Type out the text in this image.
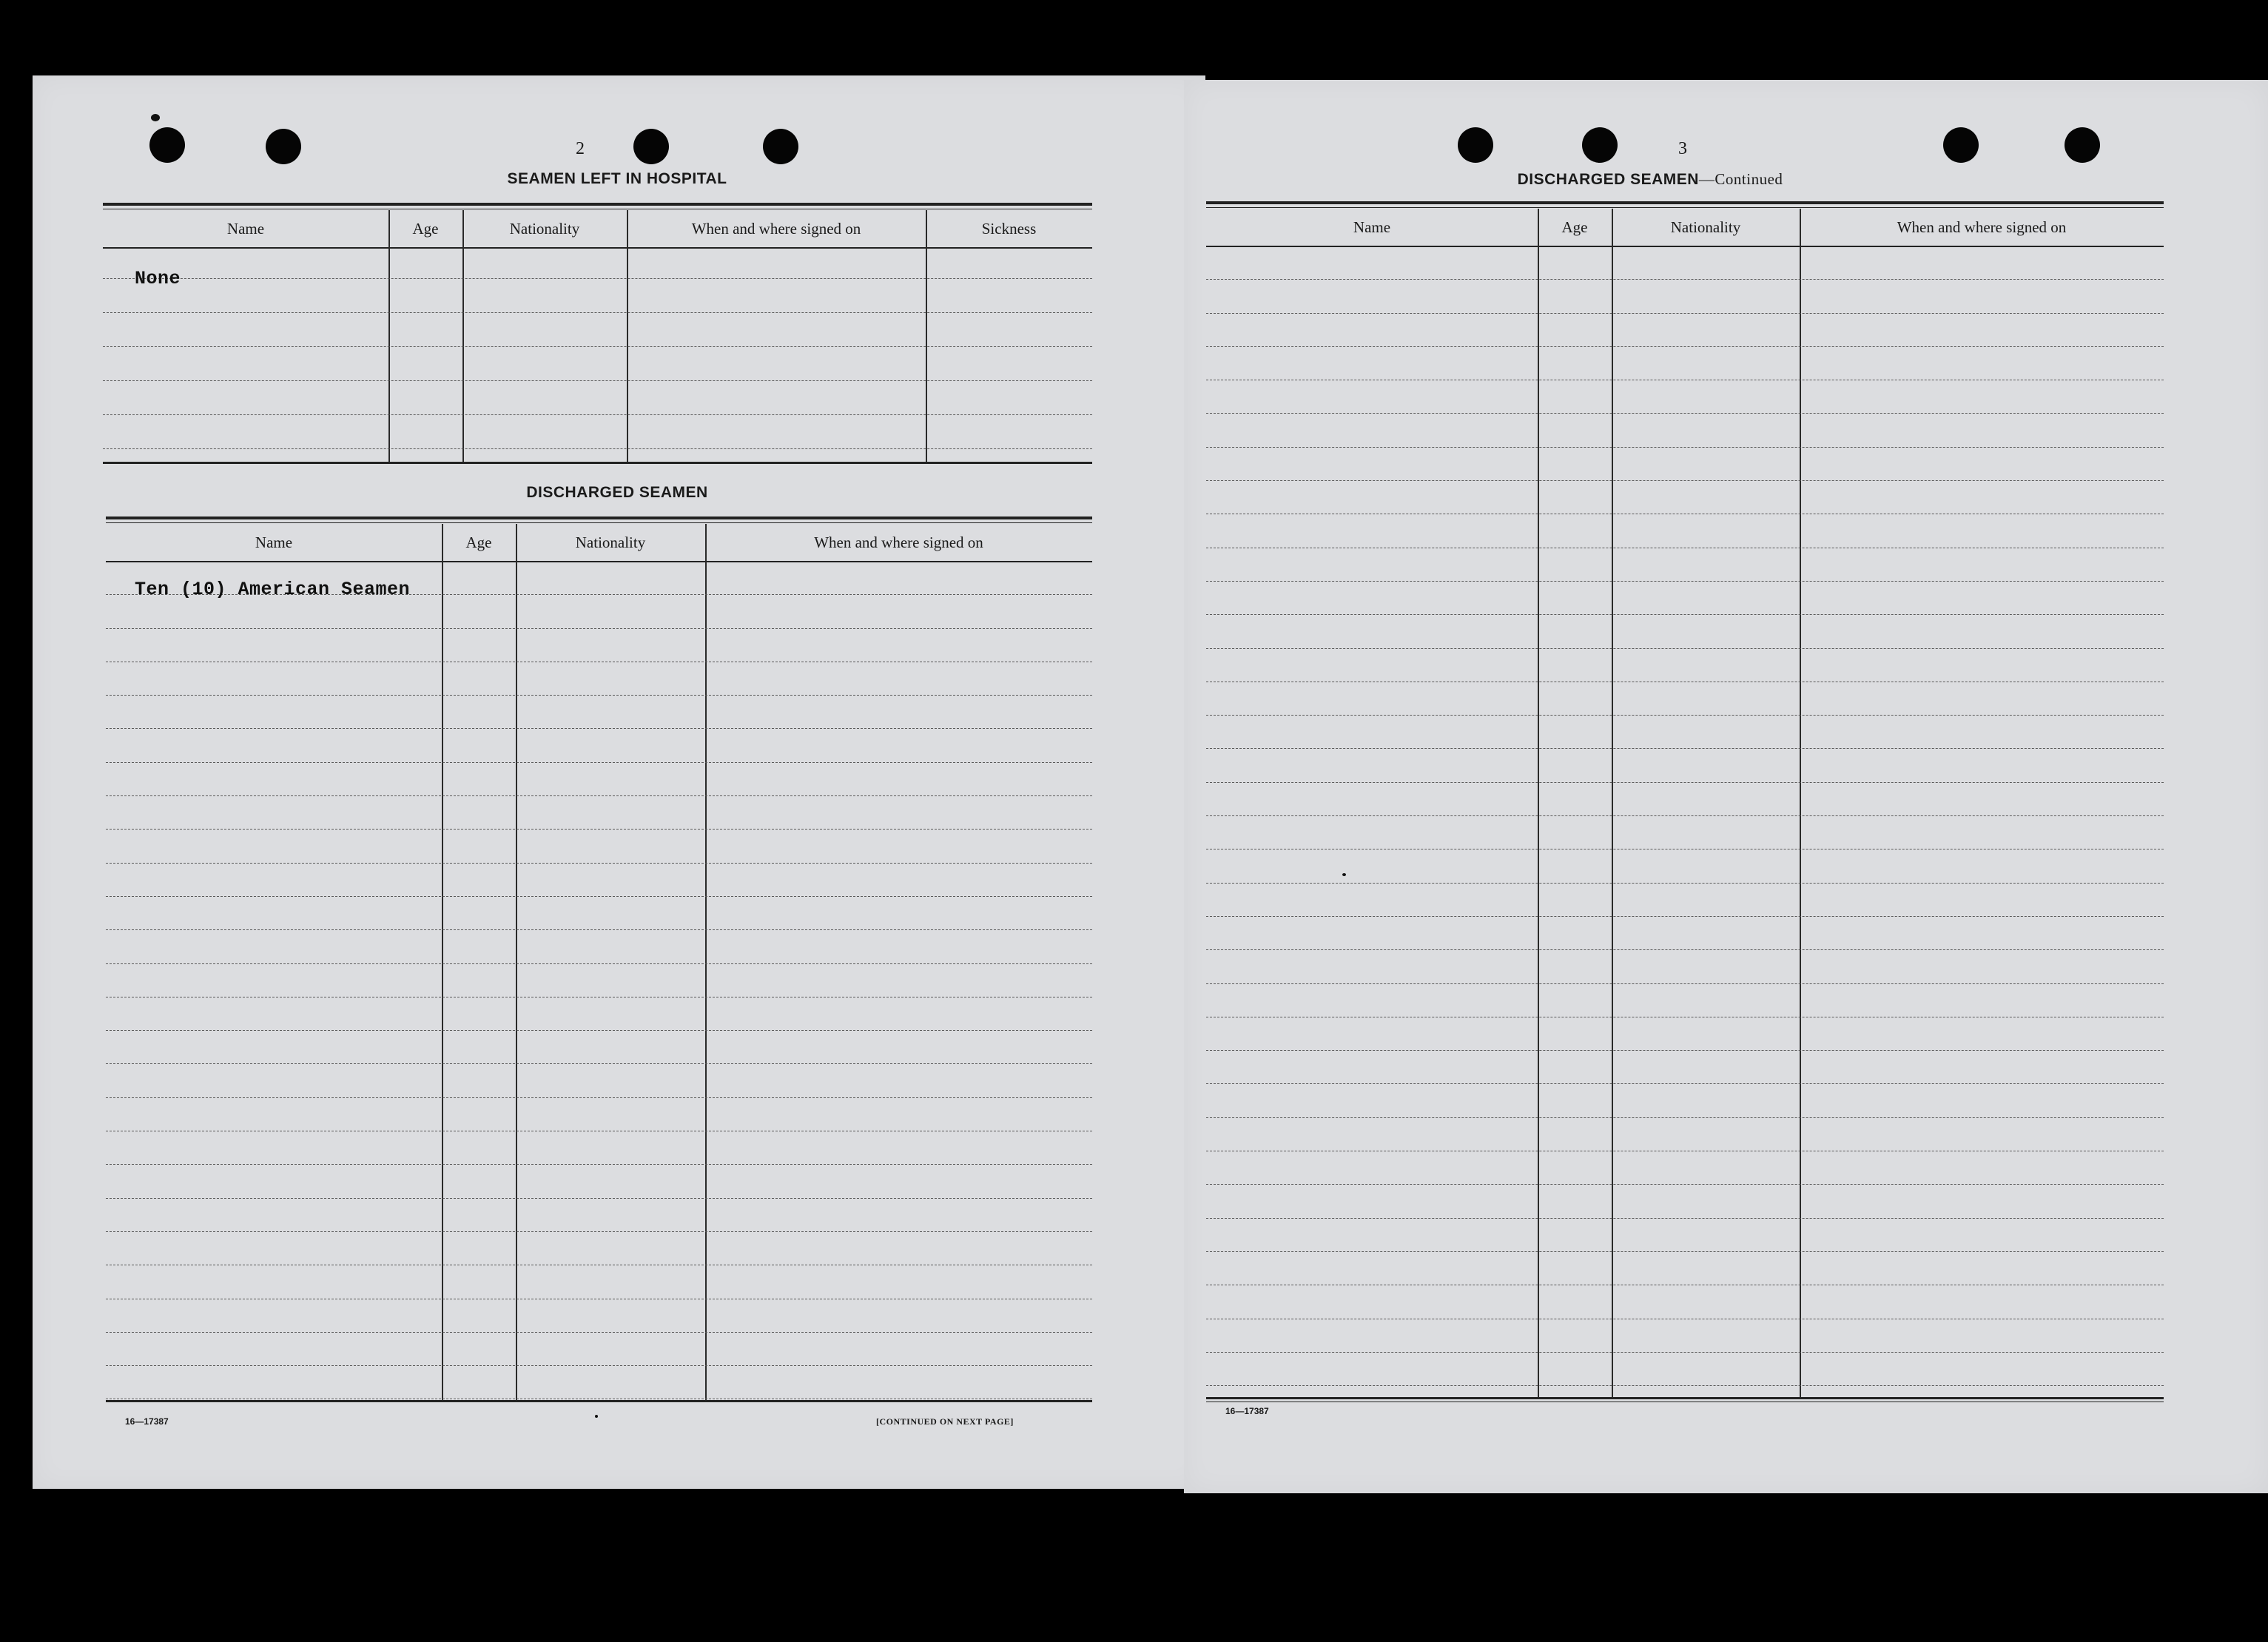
2
SEAMEN LEFT IN HOSPITAL
Name	Age	Nationality	When and where signed on	Sickness
None
DISCHARGED SEAMEN
Name	Age	Nationality	When and where signed on
Ten (10) American Seamen
16—17387	[CONTINUED ON NEXT PAGE]
3
DISCHARGED SEAMEN—Continued
Name	Age	Nationality	When and where signed on
16—17387
